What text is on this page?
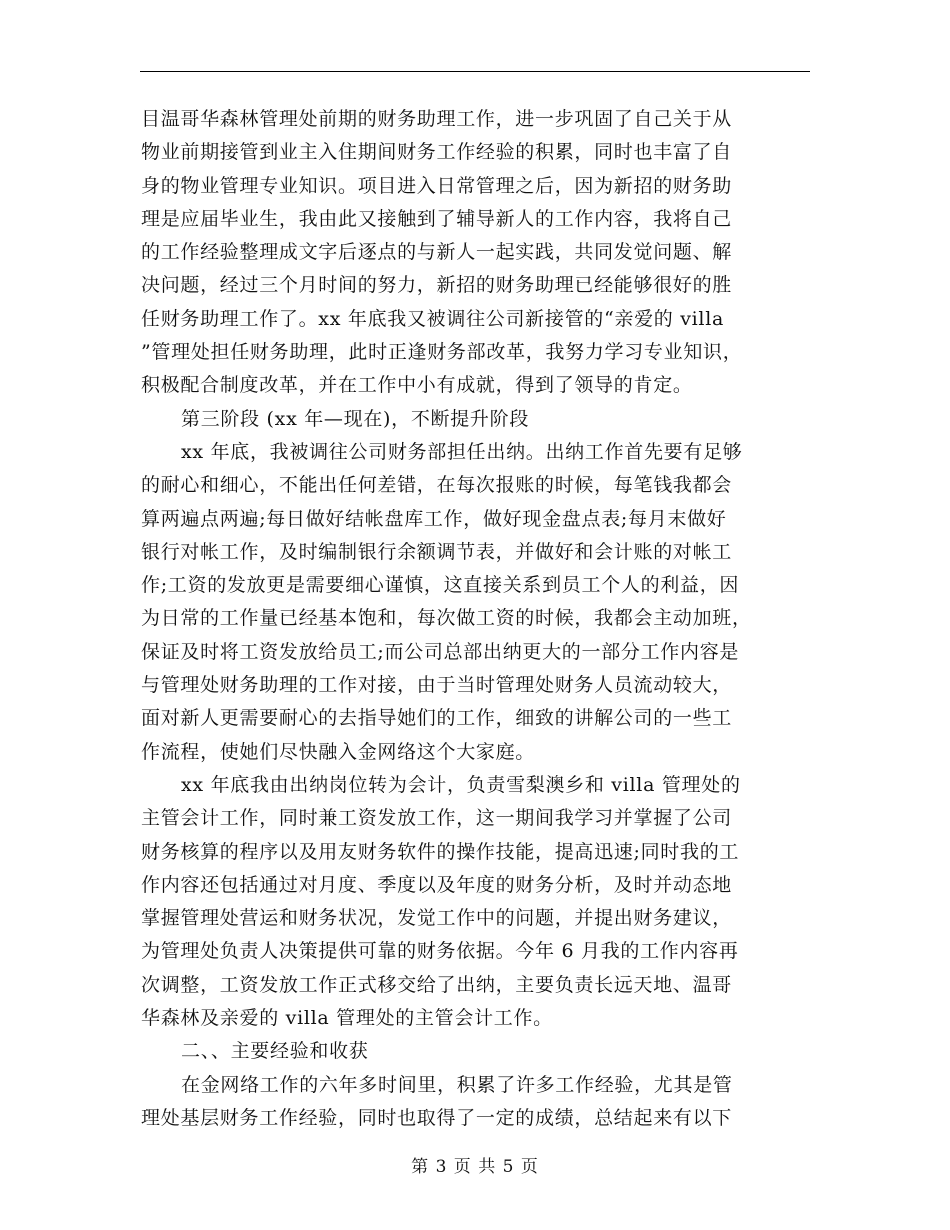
目温哥华森林管理处前期的财务助理工作，进一步巩固了自己关于从
物业前期接管到业主入住期间财务工作经验的积累，同时也丰富了自
身的物业管理专业知识。项目进入日常管理之后，因为新招的财务助
理是应届毕业生，我由此又接触到了辅导新人的工作内容，我将自己
的工作经验整理成文字后逐点的与新人一起实践，共同发觉问题、解
决问题，经过三个月时间的努力，新招的财务助理已经能够很好的胜
任财务助理工作了。xx 年底我又被调往公司新接管的“亲爱的 villa
”管理处担任财务助理，此时正逢财务部改革，我努力学习专业知识，
积极配合制度改革，并在工作中小有成就，得到了领导的肯定。
第三阶段 (xx 年—现在)，不断提升阶段
xx 年底，我被调往公司财务部担任出纳。出纳工作首先要有足够
的耐心和细心，不能出任何差错，在每次报账的时候，每笔钱我都会
算两遍点两遍;每日做好结帐盘库工作，做好现金盘点表;每月末做好
银行对帐工作，及时编制银行余额调节表，并做好和会计账的对帐工
作;工资的发放更是需要细心谨慎，这直接关系到员工个人的利益，因
为日常的工作量已经基本饱和，每次做工资的时候，我都会主动加班，
保证及时将工资发放给员工;而公司总部出纳更大的一部分工作内容是
与管理处财务助理的工作对接，由于当时管理处财务人员流动较大，
面对新人更需要耐心的去指导她们的工作，细致的讲解公司的一些工
作流程，使她们尽快融入金网络这个大家庭。
xx 年底我由出纳岗位转为会计，负责雪梨澳乡和 villa 管理处的
主管会计工作，同时兼工资发放工作，这一期间我学习并掌握了公司
财务核算的程序以及用友财务软件的操作技能，提高迅速;同时我的工
作内容还包括通过对月度、季度以及年度的财务分析，及时并动态地
掌握管理处营运和财务状况，发觉工作中的问题，并提出财务建议，
为管理处负责人决策提供可靠的财务依据。今年 6 月我的工作内容再
次调整，工资发放工作正式移交给了出纳，主要负责长远天地、温哥
华森林及亲爱的 villa 管理处的主管会计工作。
二、、主要经验和收获
在金网络工作的六年多时间里，积累了许多工作经验，尤其是管
理处基层财务工作经验，同时也取得了一定的成绩，总结起来有以下
第 3 页 共 5 页
